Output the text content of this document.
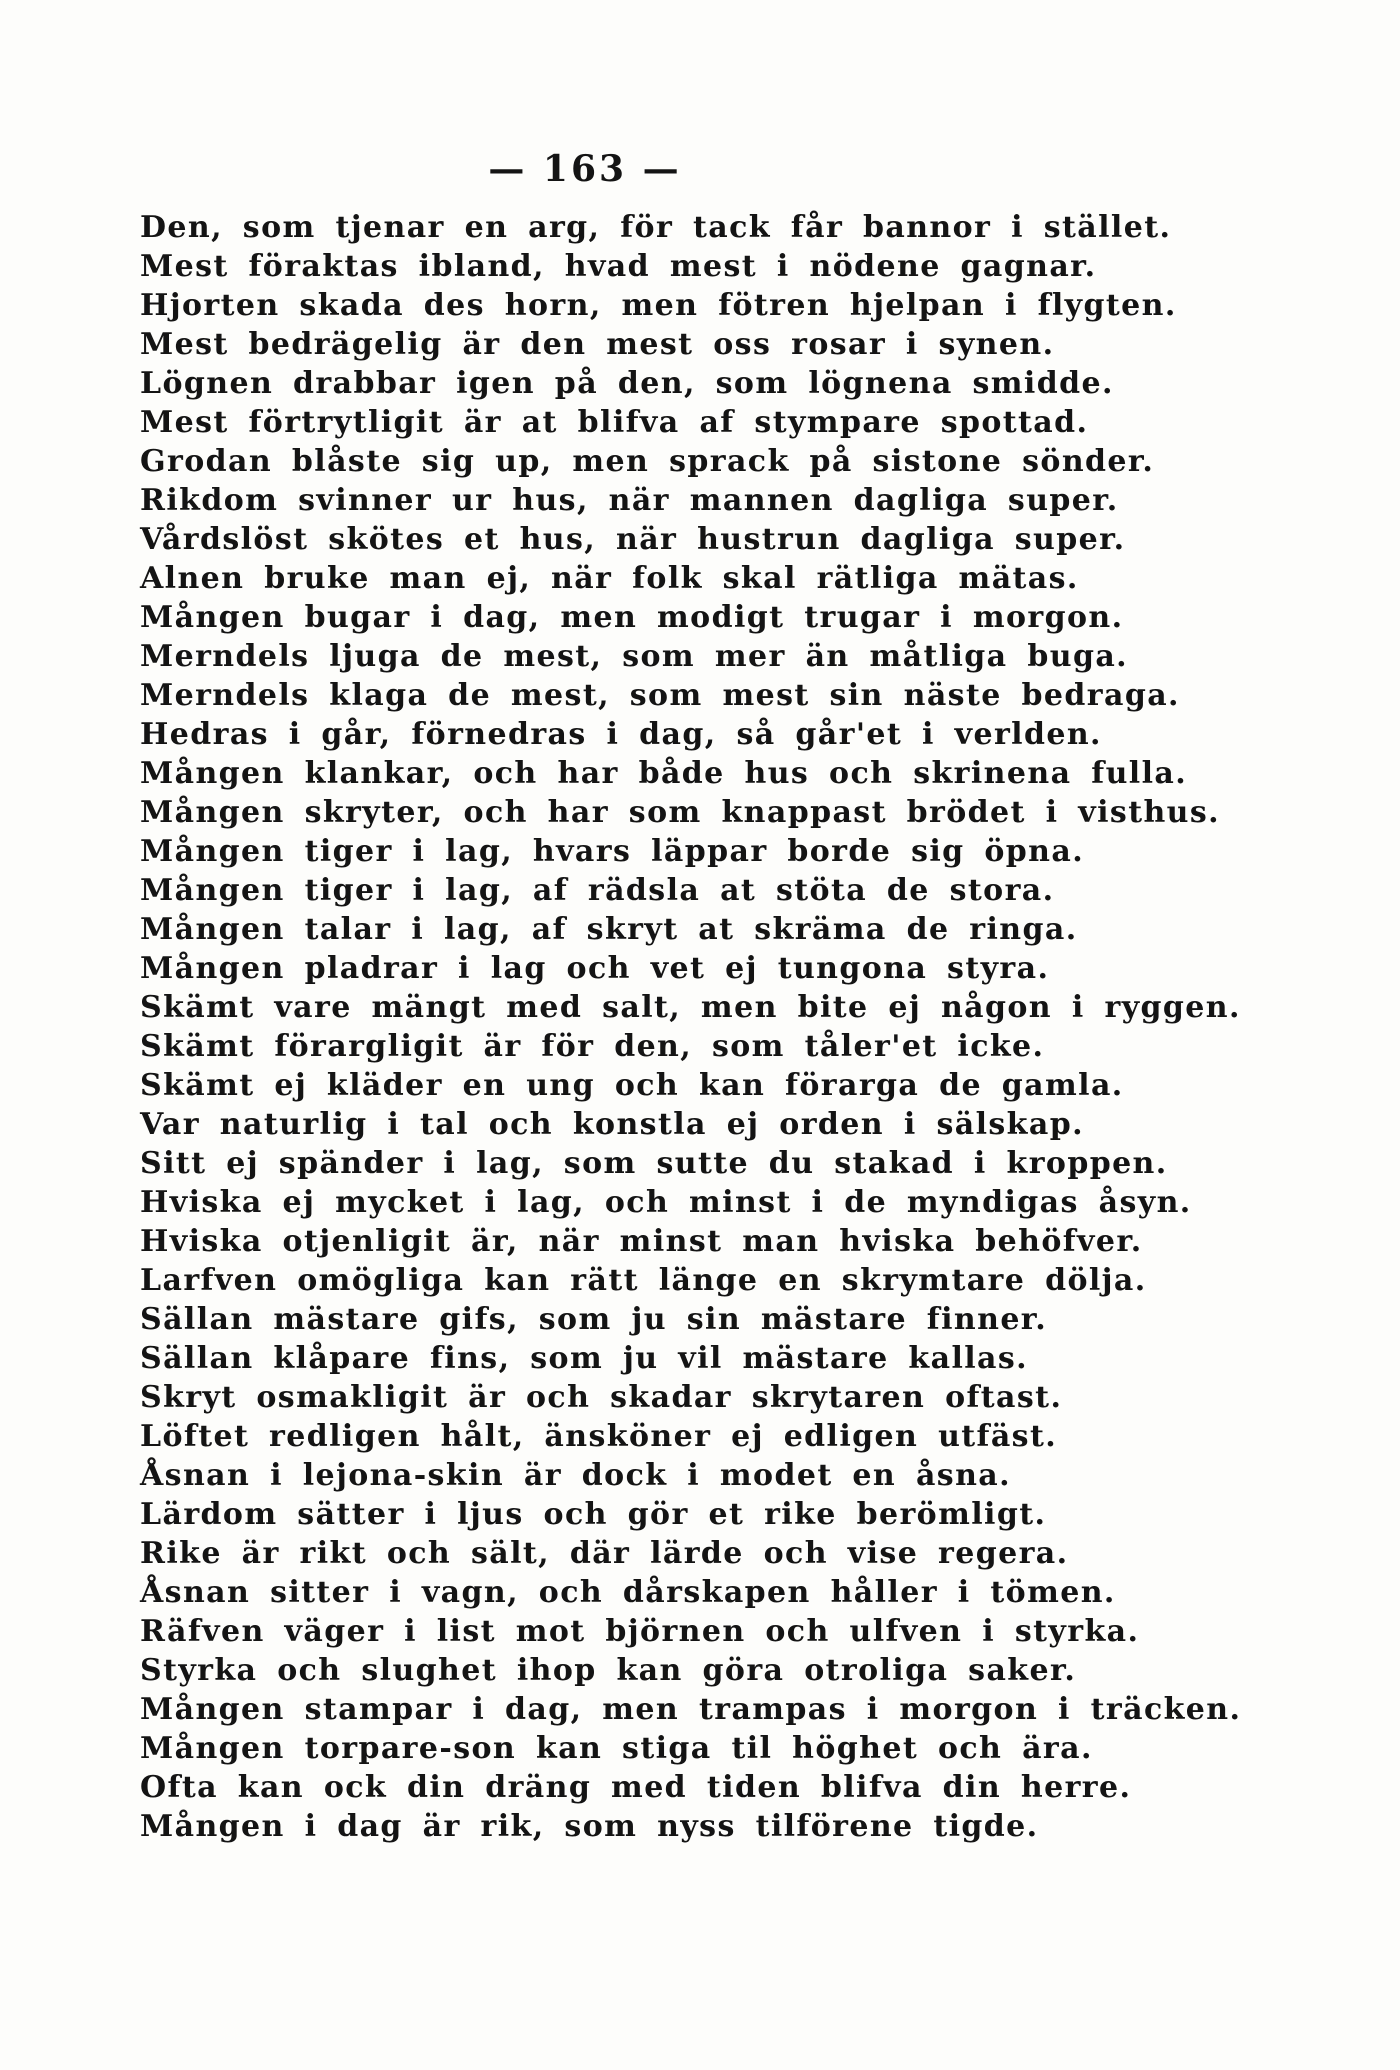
— 163 —
Den, som tjenar en arg, för tack får bannor i stället.
Mest föraktas ibland, hvad mest i nödene gagnar.
Hjorten skada des horn, men fötren hjelpan i flygten.
Mest bedrägelig är den mest oss rosar i synen.
Lögnen drabbar igen på den, som lögnena smidde.
Mest förtrytligit är at blifva af stympare spottad.
Grodan blåste sig up, men sprack på sistone sönder.
Rikdom svinner ur hus, när mannen dagliga super.
Vårdslöst skötes et hus, när hustrun dagliga super.
Alnen bruke man ej, när folk skal rätliga mätas.
Mången bugar i dag, men modigt trugar i morgon.
Merndels ljuga de mest, som mer än måtliga buga.
Merndels klaga de mest, som mest sin näste bedraga.
Hedras i går, förnedras i dag, så går'et i verlden.
Mången klankar, och har både hus och skrinena fulla.
Mången skryter, och har som knappast brödet i visthus.
Mången tiger i lag, hvars läppar borde sig öpna.
Mången tiger i lag, af rädsla at stöta de stora.
Mången talar i lag, af skryt at skräma de ringa.
Mången pladrar i lag och vet ej tungona styra.
Skämt vare mängt med salt, men bite ej någon i ryggen.
Skämt förargligit är för den, som tåler'et icke.
Skämt ej kläder en ung och kan förarga de gamla.
Var naturlig i tal och konstla ej orden i sälskap.
Sitt ej spänder i lag, som sutte du stakad i kroppen.
Hviska ej mycket i lag, och minst i de myndigas åsyn.
Hviska otjenligit är, när minst man hviska behöfver.
Larfven omögliga kan rätt länge en skrymtare dölja.
Sällan mästare gifs, som ju sin mästare finner.
Sällan klåpare fins, som ju vil mästare kallas.
Skryt osmakligit är och skadar skrytaren oftast.
Löftet redligen hålt, änsköner ej edligen utfäst.
Åsnan i lejona-skin är dock i modet en åsna.
Lärdom sätter i ljus och gör et rike berömligt.
Rike är rikt och sält, där lärde och vise regera.
Åsnan sitter i vagn, och dårskapen håller i tömen.
Räfven väger i list mot björnen och ulfven i styrka.
Styrka och slughet ihop kan göra otroliga saker.
Mången stampar i dag, men trampas i morgon i träcken.
Mången torpare-son kan stiga til höghet och ära.
Ofta kan ock din dräng med tiden blifva din herre.
Mången i dag är rik, som nyss tilförene tigde.
